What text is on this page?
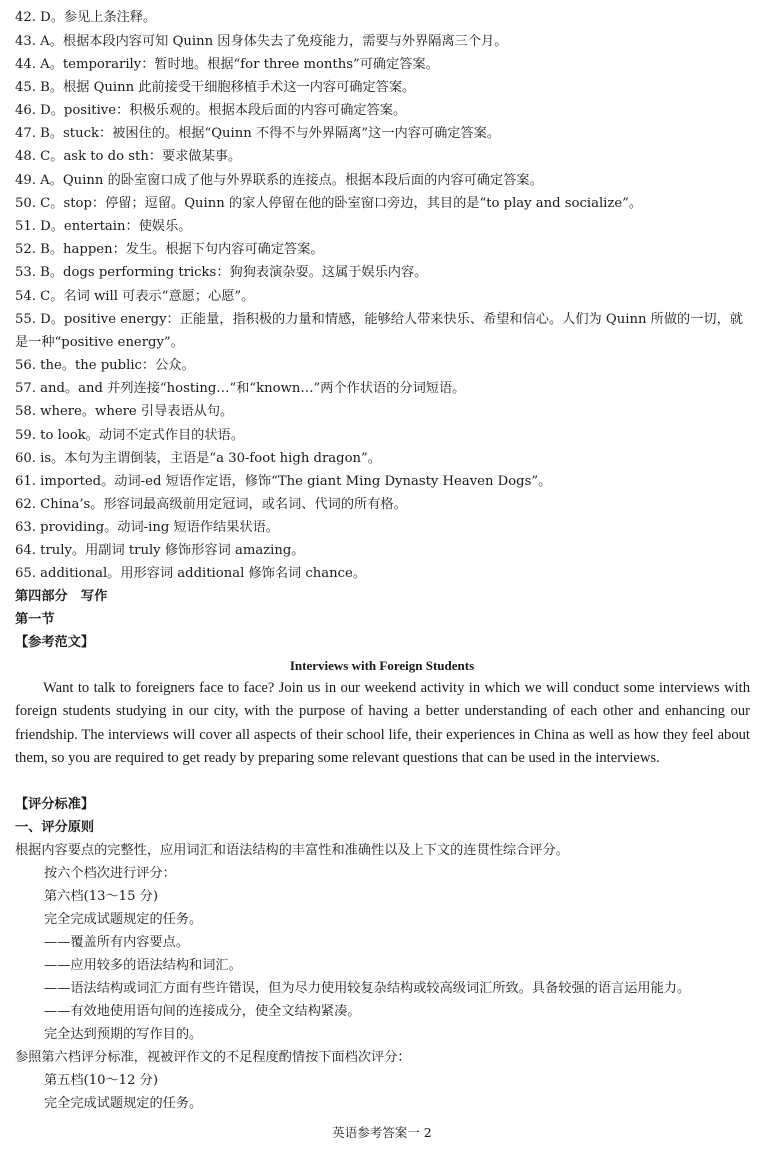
42. D。参见上条注释。
43. A。根据本段内容可知 Quinn 因身体失去了免疫能力，需要与外界隔离三个月。
44. A。temporarily：暂时地。根据“for three months”可确定答案。
45. B。根据 Quinn 此前接受干细胞移植手术这一内容可确定答案。
46. D。positive：积极乐观的。根据本段后面的内容可确定答案。
47. B。stuck：被困住的。根据“Quinn 不得不与外界隔离”这一内容可确定答案。
48. C。ask to do sth：要求做某事。
49. A。Quinn 的卧室窗口成了他与外界联系的连接点。根据本段后面的内容可确定答案。
50. C。stop：停留；逗留。Quinn 的家人停留在他的卧室窗口旁边，其目的是“to play and socialize”。
51. D。entertain：使娱乐。
52. B。happen：发生。根据下句内容可确定答案。
53. B。dogs performing tricks：狗狗表演杂耍。这属于娱乐内容。
54. C。名词 will 可表示“意愿；心愿”。
55. D。positive energy：正能量，指积极的力量和情感，能够给人带来快乐、希望和信心。人们为 Quinn 所做的一切，就
是一种“positive energy”。
56. the。the public：公众。
57. and。and 并列连接“hosting…”和“known…”两个作状语的分词短语。
58. where。where 引导表语从句。
59. to look。动词不定式作目的状语。
60. is。本句为主谓倒装，主语是“a 30-foot high dragon”。
61. imported。动词-ed 短语作定语，修饰“The giant Ming Dynasty Heaven Dogs”。
62. China’s。形容词最高级前用定冠词，或名词、代词的所有格。
63. providing。动词-ing 短语作结果状语。
64. truly。用副词 truly 修饰形容词 amazing。
65. additional。用形容词 additional 修饰名词 chance。
第四部分　写作
第一节
【参考范文】
Interviews with Foreign Students
Want to talk to foreigners face to face? Join us in our weekend activity in which we will conduct some interviews with foreign students studying in our city, with the purpose of having a better understanding of each other and enhancing our friendship. The interviews will cover all aspects of their school life, their experiences in China as well as how they feel about them, so you are required to get ready by preparing some relevant questions that can be used in the interviews.
【评分标准】
一、评分原则
根据内容要点的完整性，应用词汇和语法结构的丰富性和准确性以及上下文的连贯性综合评分。
按六个档次进行评分：
第六档(13～15 分)
完全完成试题规定的任务。
——覆盖所有内容要点。
——应用较多的语法结构和词汇。
——语法结构或词汇方面有些许错误，但为尽力使用较复杂结构或较高级词汇所致。具备较强的语言运用能力。
——有效地使用语句间的连接成分，使全文结构紧凑。
完全达到预期的写作目的。
参照第六档评分标准，视被评作文的不足程度酌情按下面档次评分：
第五档(10～12 分)
完全完成试题规定的任务。
英语参考答案一 2
